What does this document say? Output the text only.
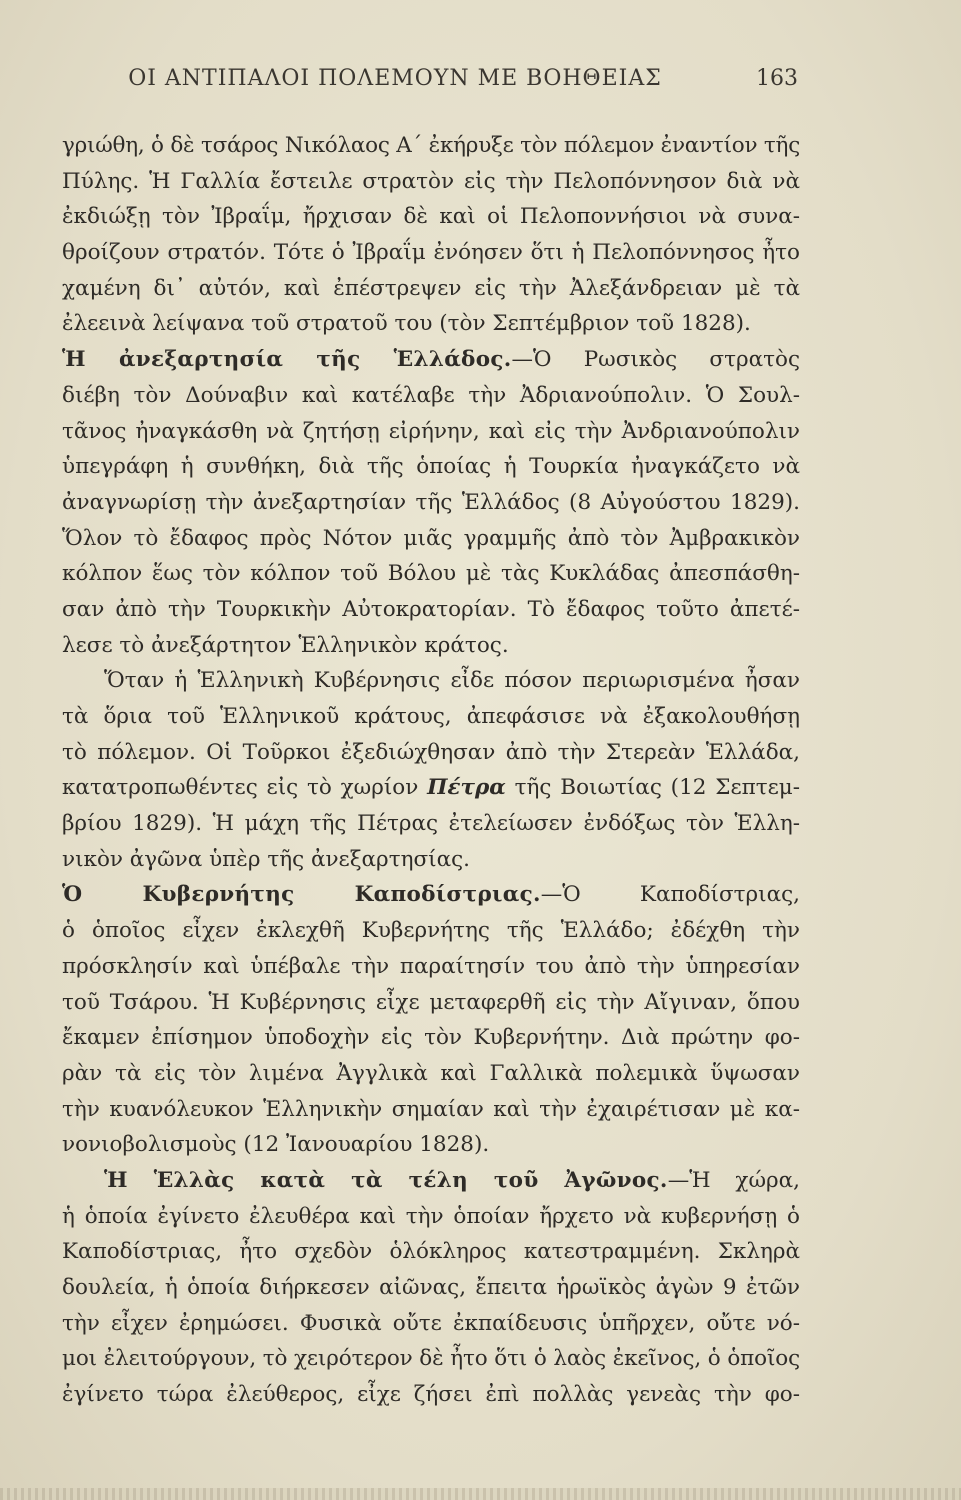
ΟΙ ΑΝΤΙΠΑΛΟΙ ΠΟΛΕΜΟΥΝ ΜΕ ΒΟΗΘΕΙΑΣ	163
γριώθη, ὁ δὲ τσάρος Νικόλαος Α΄ ἐκήρυξε τὸν πόλεμον ἐναντίον τῆς
Πύλης. Ἡ Γαλλία ἔστειλε στρατὸν εἰς τὴν Πελοπόννησον διὰ νὰ
ἐκδιώξῃ τὸν Ἰβραΐμ, ἤρχισαν δὲ καὶ οἱ Πελοποννήσιοι νὰ συνα-
θροίζουν στρατόν. Τότε ὁ Ἰβραΐμ ἐνόησεν ὅτι ἡ Πελοπόννησος ἦτο
χαμένη δι᾿ αὐτόν, καὶ ἐπέστρεψεν εἰς τὴν Ἀλεξάνδρειαν μὲ τὰ
ἐλεεινὰ λείψανα τοῦ στρατοῦ του (τὸν Σεπτέμβριον τοῦ 1828).
Ἡ ἀνεξαρτησία τῆς Ἑλλάδος.—Ὁ Ρωσικὸς στρατὸς
διέβη τὸν Δούναβιν καὶ κατέλαβε τὴν Ἀδριανούπολιν. Ὁ Σουλ-
τᾶνος ἠναγκάσθη νὰ ζητήσῃ εἰρήνην, καὶ εἰς τὴν Ἀνδριανούπολιν
ὑπεγράφη ἡ συνθήκη, διὰ τῆς ὁποίας ἡ Τουρκία ἠναγκάζετο νὰ
ἀναγνωρίσῃ τὴν ἀνεξαρτησίαν τῆς Ἑλλάδος (8 Αὐγούστου 1829).
Ὅλον τὸ ἔδαφος πρὸς Νότον μιᾶς γραμμῆς ἀπὸ τὸν Ἀμβρακικὸν
κόλπον ἕως τὸν κόλπον τοῦ Βόλου μὲ τὰς Κυκλάδας ἀπεσπάσθη-
σαν ἀπὸ τὴν Τουρκικὴν Αὐτοκρατορίαν. Τὸ ἔδαφος τοῦτο ἀπετέ-
λεσε τὸ ἀνεξάρτητον Ἑλληνικὸν κράτος.
Ὅταν ἡ Ἑλληνικὴ Κυβέρνησις εἶδε πόσον περιωρισμένα ἦσαν
τὰ ὅρια τοῦ Ἑλληνικοῦ κράτους, ἀπεφάσισε νὰ ἐξακολουθήσῃ
τὸ πόλεμον. Οἱ Τοῦρκοι ἐξεδιώχθησαν ἀπὸ τὴν Στερεὰν Ἑλλάδα,
κατατροπωθέντες εἰς τὸ χωρίον Πέτρα τῆς Βοιωτίας (12 Σεπτεμ-
βρίου 1829). Ἡ μάχη τῆς Πέτρας ἐτελείωσεν ἐνδόξως τὸν Ἑλλη-
νικὸν ἀγῶνα ὑπὲρ τῆς ἀνεξαρτησίας.
Ὁ Κυβερνήτης Καποδίστριας.—Ὁ Καποδίστριας,
ὁ ὁποῖος εἶχεν ἐκλεχθῆ Κυβερνήτης τῆς Ἑλλάδο; ἐδέχθη τὴν
πρόσκλησίν καὶ ὑπέβαλε τὴν παραίτησίν του ἀπὸ τὴν ὑπηρεσίαν
τοῦ Τσάρου. Ἡ Κυβέρνησις εἶχε μεταφερθῆ εἰς τὴν Αἴγιναν, ὅπου
ἔκαμεν ἐπίσημον ὑποδοχὴν εἰς τὸν Κυβερνήτην. Διὰ πρώτην φο-
ρὰν τὰ εἰς τὸν λιμένα Ἀγγλικὰ καὶ Γαλλικὰ πολεμικὰ ὕψωσαν
τὴν κυανόλευκον Ἑλληνικὴν σημαίαν καὶ τὴν ἐχαιρέτισαν μὲ κα-
νονιοβολισμοὺς (12 Ἰανουαρίου 1828).
Ἡ Ἑλλὰς κατὰ τὰ τέλη τοῦ Ἀγῶνος.—Ἡ χώρα,
ἡ ὁποία ἐγίνετο ἐλευθέρα καὶ τὴν ὁποίαν ἤρχετο νὰ κυβερνήσῃ ὁ
Καποδίστριας, ἦτο σχεδὸν ὁλόκληρος κατεστραμμένη. Σκληρὰ
δουλεία, ἡ ὁποία διήρκεσεν αἰῶνας, ἔπειτα ἡρωϊκὸς ἀγὼν 9 ἐτῶν
τὴν εἶχεν ἐρημώσει. Φυσικὰ οὔτε ἐκπαίδευσις ὑπῆρχεν, οὔτε νό-
μοι ἐλειτούργουν, τὸ χειρότερον δὲ ἦτο ὅτι ὁ λαὸς ἐκεῖνος, ὁ ὁποῖος
ἐγίνετο τώρα ἐλεύθερος, εἶχε ζήσει ἐπὶ πολλὰς γενεὰς τὴν φο-
